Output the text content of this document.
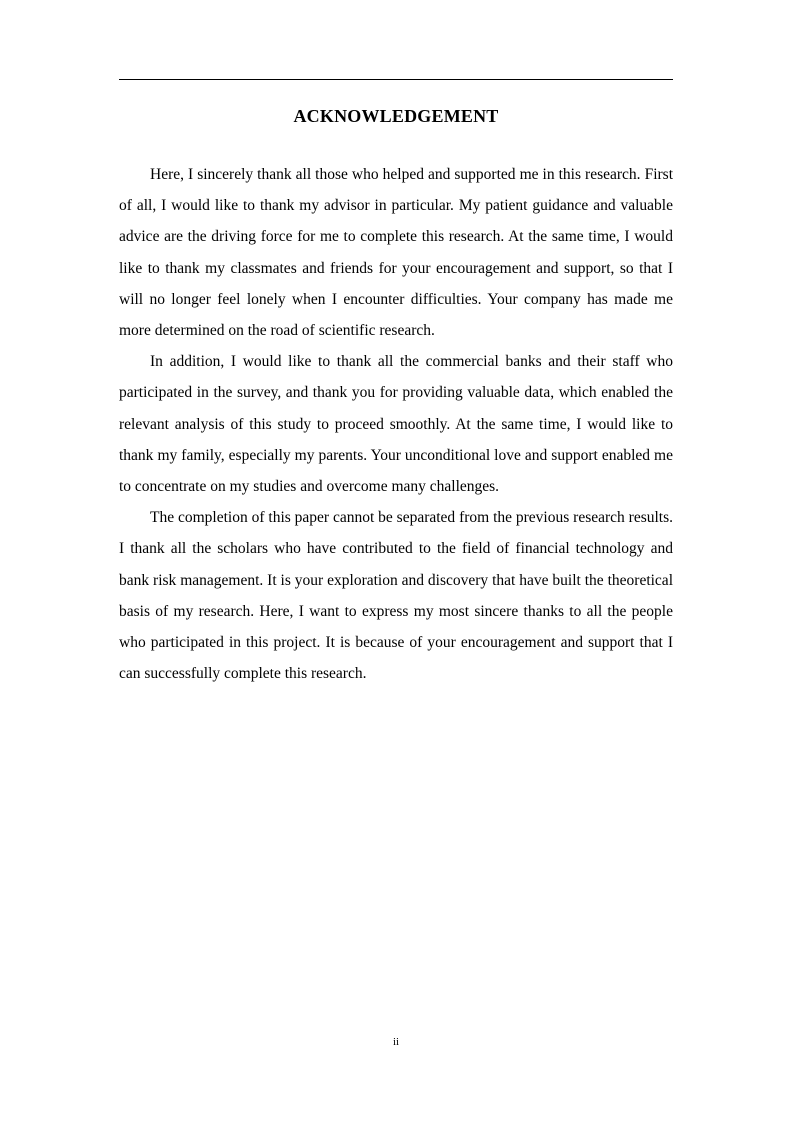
ACKNOWLEDGEMENT

Here, I sincerely thank all those who helped and supported me in this research. First of all, I would like to thank my advisor in particular. My patient guidance and valuable advice are the driving force for me to complete this research. At the same time, I would like to thank my classmates and friends for your encouragement and support, so that I will no longer feel lonely when I encounter difficulties. Your company has made me more determined on the road of scientific research.

In addition, I would like to thank all the commercial banks and their staff who participated in the survey, and thank you for providing valuable data, which enabled the relevant analysis of this study to proceed smoothly. At the same time, I would like to thank my family, especially my parents. Your unconditional love and support enabled me to concentrate on my studies and overcome many challenges.

The completion of this paper cannot be separated from the previous research results. I thank all the scholars who have contributed to the field of financial technology and bank risk management. It is your exploration and discovery that have built the theoretical basis of my research. Here, I want to express my most sincere thanks to all the people who participated in this project. It is because of your encouragement and support that I can successfully complete this research.

ii
